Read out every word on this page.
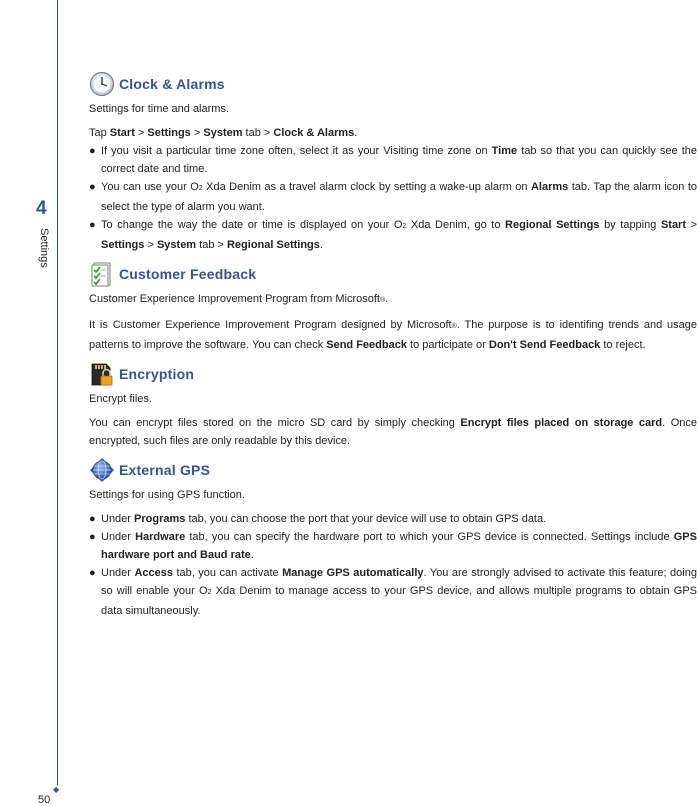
4
Settings
◆
50
Clock & Alarms

Settings for time and alarms.

Tap Start > Settings > System tab > Clock & Alarms.

● If you visit a particular time zone often, select it as your Visiting time zone on Time tab so that you can quickly see the correct date and time.
● You can use your O2 Xda Denim as a travel alarm clock by setting a wake-up alarm on Alarms tab. Tap the alarm icon to select the type of alarm you want.
● To change the way the date or time is displayed on your O2 Xda Denim, go to Regional Settings by tapping Start > Settings > System tab > Regional Settings.
Customer Feedback

Customer Experience Improvement Program from Microsoft®.

It is Customer Experience Improvement Program designed by Microsoft®. The purpose is to identifing trends and usage patterns to improve the software. You can check Send Feedback to participate or Don't Send Feedback to reject.

Encryption

Encrypt files.

You can encrypt files stored on the micro SD card by simply checking Encrypt files placed on storage card. Once encrypted, such files are only readable by this device.

External GPS

Settings for using GPS function.

● Under Programs tab, you can choose the port that your device will use to obtain GPS data.
● Under Hardware tab, you can specify the hardware port to which your GPS device is connected. Settings include GPS hardware port and Baud rate.
● Under Access tab, you can activate Manage GPS automatically. You are strongly advised to activate this feature; doing so will enable your O2 Xda Denim to manage access to your GPS device, and allows multiple programs to obtain GPS data simultaneously.
